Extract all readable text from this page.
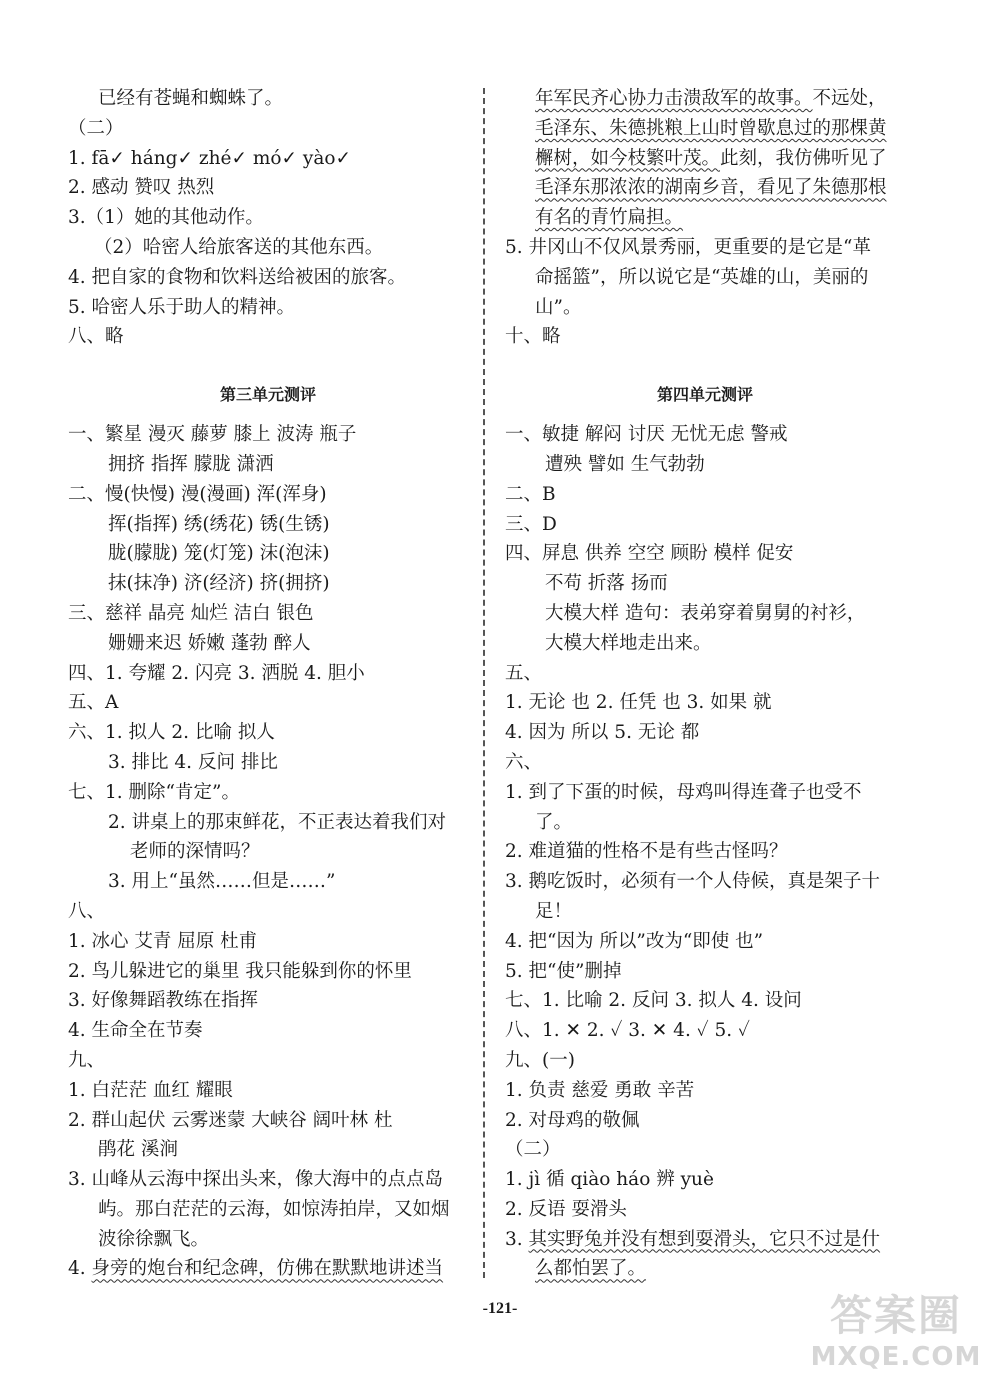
已经有苍蝇和蜘蛛了。
（二）
1. fā✓ háng✓ zhé✓ mó✓ yào✓
2. 感动 赞叹 热烈
3.（1）她的其他动作。
（2）哈密人给旅客送的其他东西。
4. 把自家的食物和饮料送给被困的旅客。
5. 哈密人乐于助人的精神。
八、略
第三单元测评
一、繁星 漫灭 藤萝 膝上 波涛 瓶子
拥挤 指挥 朦胧 潇洒
二、慢(快慢) 漫(漫画) 浑(浑身)
挥(指挥) 绣(绣花) 锈(生锈)
胧(朦胧) 笼(灯笼) 沫(泡沫)
抹(抹净) 济(经济) 挤(拥挤)
三、慈祥 晶亮 灿烂 洁白 银色
姗姗来迟 娇嫩 蓬勃 醉人
四、1. 夸耀 2. 闪亮 3. 洒脱 4. 胆小
五、A
六、1. 拟人 2. 比喻 拟人
3. 排比 4. 反问 排比
七、1. 删除“肯定”。
2. 讲桌上的那束鲜花，不正表达着我们对
老师的深情吗？
3. 用上“虽然……但是……”
八、
1. 冰心 艾青 屈原 杜甫
2. 鸟儿躲进它的巢里 我只能躲到你的怀里
3. 好像舞蹈教练在指挥
4. 生命全在节奏
九、
1. 白茫茫 血红 耀眼
2. 群山起伏 云雾迷蒙 大峡谷 阔叶林 杜
鹃花 溪涧
3. 山峰从云海中探出头来，像大海中的点点岛
屿。那白茫茫的云海，如惊涛拍岸，又如烟
波徐徐飘飞。
4. 身旁的炮台和纪念碑，仿佛在默默地讲述当
年军民齐心协力击溃敌军的故事。不远处，
毛泽东、朱德挑粮上山时曾歇息过的那棵黄
檞树，如今枝繁叶茂。此刻，我仿佛听见了
毛泽东那浓浓的湖南乡音，看见了朱德那根
有名的青竹扁担。
5. 井冈山不仅风景秀丽，更重要的是它是“革
命摇篮”，所以说它是“英雄的山，美丽的
山”。
十、略
第四单元测评
一、敏捷 解闷 讨厌 无忧无虑 警戒
遭殃 譬如 生气勃勃
二、B
三、D
四、屏息 供养 空空 顾盼 模样 促安
不苟 折落 扬而
大模大样 造句：表弟穿着舅舅的衬衫，
大模大样地走出来。
五、
1. 无论 也 2. 任凭 也 3. 如果 就
4. 因为 所以 5. 无论 都
六、
1. 到了下蛋的时候，母鸡叫得连聋子也受不
了。
2. 难道猫的性格不是有些古怪吗？
3. 鹅吃饭时，必须有一个人侍候，真是架子十
足！
4. 把“因为 所以”改为“即使 也”
5. 把“使”删掉
七、1. 比喻 2. 反问 3. 拟人 4. 设问
八、1. ✕ 2. ✓ 3. ✕ 4. ✓ 5. ✓
九、(一)
1. 负责 慈爱 勇敢 辛苦
2. 对母鸡的敬佩
（二）
1. jì 循 qiào háo 辨 yuè
2. 反语 耍滑头
3. 其实野兔并没有想到耍滑头，它只不过是什
么都怕罢了。
-121-	答案圈
MXQE.COM
